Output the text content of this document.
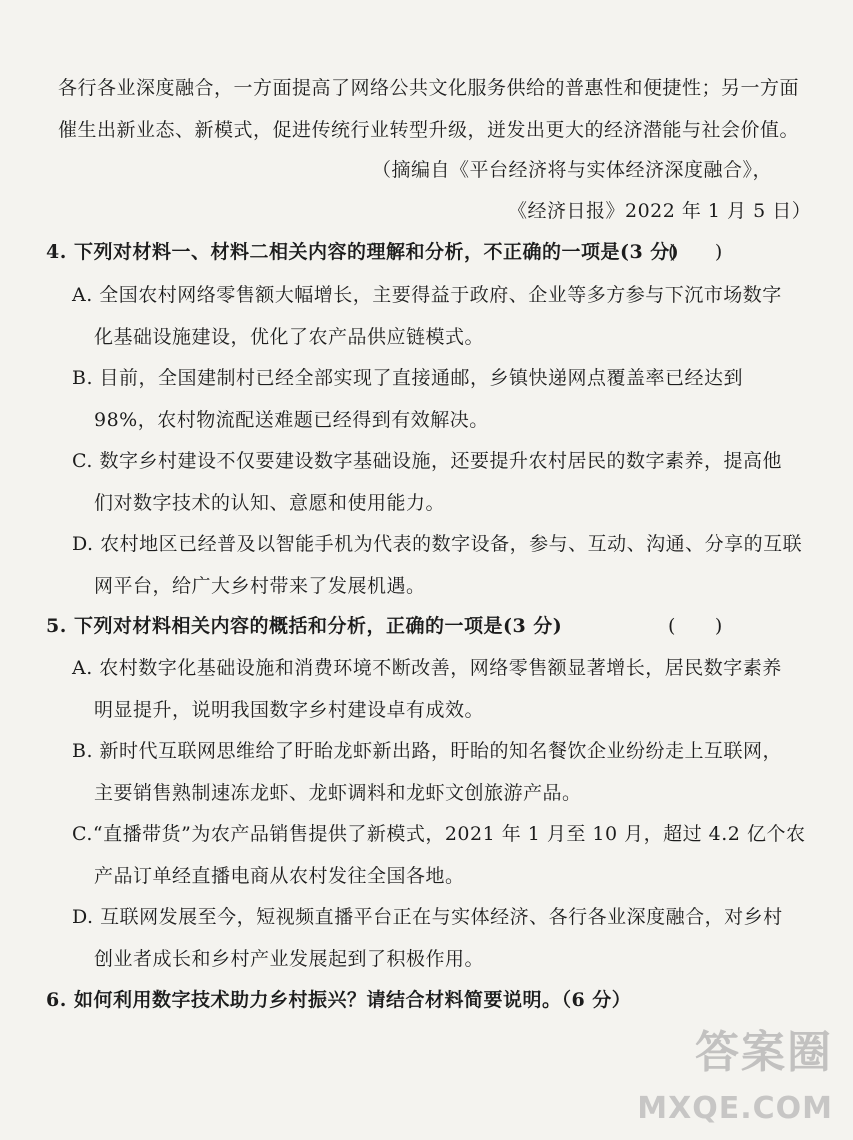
各行各业深度融合，一方面提高了网络公共文化服务供给的普惠性和便捷性；另一方面
催生出新业态、新模式，促进传统行业转型升级，迸发出更大的经济潜能与社会价值。
（摘编自《平台经济将与实体经济深度融合》，
《经济日报》2022 年 1 月 5 日）
4. 下列对材料一、材料二相关内容的理解和分析，不正确的一项是(3 分)
(　　)
A. 全国农村网络零售额大幅增长，主要得益于政府、企业等多方参与下沉市场数字
化基础设施建设，优化了农产品供应链模式。
B. 目前，全国建制村已经全部实现了直接通邮，乡镇快递网点覆盖率已经达到
98%，农村物流配送难题已经得到有效解决。
C. 数字乡村建设不仅要建设数字基础设施，还要提升农村居民的数字素养，提高他
们对数字技术的认知、意愿和使用能力。
D. 农村地区已经普及以智能手机为代表的数字设备，参与、互动、沟通、分享的互联
网平台，给广大乡村带来了发展机遇。
5. 下列对材料相关内容的概括和分析，正确的一项是(3 分)	(　　)
A. 农村数字化基础设施和消费环境不断改善，网络零售额显著增长，居民数字素养
明显提升，说明我国数字乡村建设卓有成效。
B. 新时代互联网思维给了盱眙龙虾新出路，盱眙的知名餐饮企业纷纷走上互联网，
主要销售熟制速冻龙虾、龙虾调料和龙虾文创旅游产品。
C.“直播带货”为农产品销售提供了新模式，2021 年 1 月至 10 月，超过 4.2 亿个农
产品订单经直播电商从农村发往全国各地。
D. 互联网发展至今，短视频直播平台正在与实体经济、各行各业深度融合，对乡村
创业者成长和乡村产业发展起到了积极作用。
6. 如何利用数字技术助力乡村振兴？请结合材料简要说明。（6 分）
答案圈
MXQE.COM
